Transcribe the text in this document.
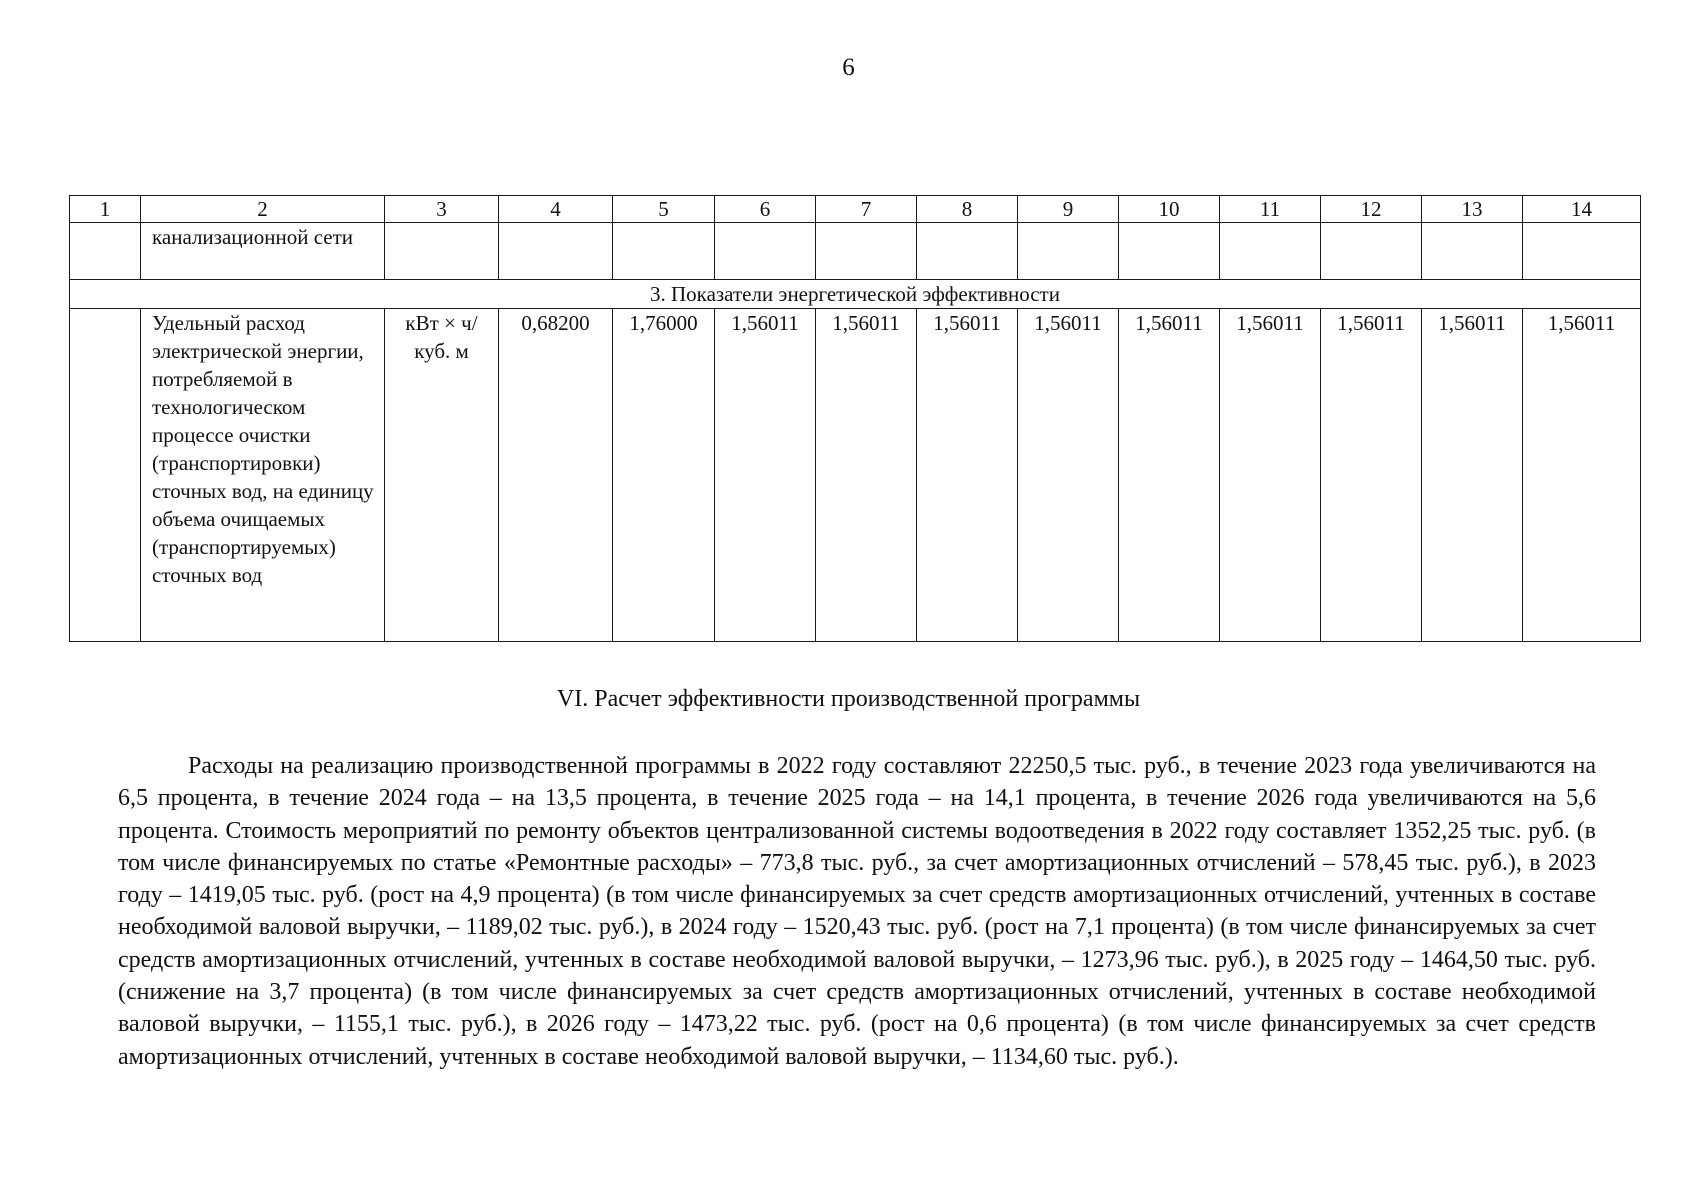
6
1	2	3	4	5	6	7	8	9	10	11	12	13	14
	канализационной сети												
3. Показатели энергетической эффективности													
	Удельный расход электрической энергии, потребляемой в технологическом процессе очистки (транспортировки) сточных вод, на единицу объема очищаемых (транспортируемых) сточных вод	кВт × ч/ куб. м	0,68200	1,76000	1,56011	1,56011	1,56011	1,56011	1,56011	1,56011	1,56011	1,56011	1,56011
VI. Расчет эффективности производственной программы

Расходы на реализацию производственной программы в 2022 году составляют 22250,5 тыс. руб., в течение 2023 года увеличиваются на 6,5 процента, в течение 2024 года – на 13,5 процента, в течение 2025 года – на 14,1 процента, в течение 2026 года увеличиваются на 5,6 процента. Стоимость мероприятий по ремонту объектов централизованной системы водоотведения в 2022 году составляет 1352,25 тыс. руб. (в том числе финансируемых по статье «Ремонтные расходы» – 773,8 тыс. руб., за счет амортизационных отчислений – 578,45 тыс. руб.), в 2023 году – 1419,05 тыс. руб. (рост на 4,9 процента) (в том числе финансируемых за счет средств амортизационных отчислений, учтенных в составе необходимой валовой выручки, – 1189,02 тыс. руб.), в 2024 году – 1520,43 тыс. руб. (рост на 7,1 процента) (в том числе финансируемых за счет средств амортизационных отчислений, учтенных в составе необходимой валовой выручки, – 1273,96 тыс. руб.), в 2025 году – 1464,50 тыс. руб. (снижение на 3,7 процента) (в том числе финансируемых за счет средств амортизационных отчислений, учтенных в составе необходимой валовой выручки, – 1155,1 тыс. руб.), в 2026 году – 1473,22 тыс. руб. (рост на 0,6 процента) (в том числе финансируемых за счет средств амортизационных отчислений, учтенных в составе необходимой валовой выручки, – 1134,60 тыс. руб.).
